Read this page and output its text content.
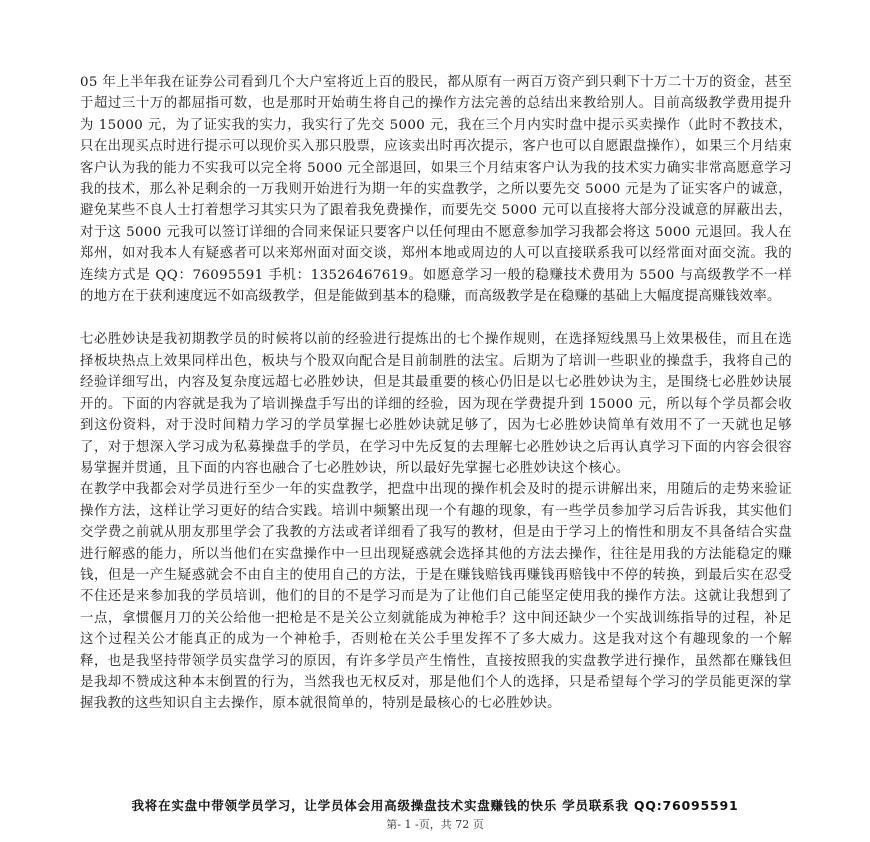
05 年上半年我在证券公司看到几个大户室将近上百的股民，都从原有一两百万资产到只剩下十万二十万的资金，甚至于超过三十万的都屈指可数，也是那时开始萌生将自己的操作方法完善的总结出来教给别人。目前高级教学费用提升为 15000 元，为了证实我的实力，我实行了先交 5000 元，我在三个月内实时盘中提示买卖操作（此时不教技术，只在出现买点时进行提示可以现价买入那只股票，应该卖出时再次提示，客户也可以自愿跟盘操作），如果三个月结束客户认为我的能力不实我可以完全将 5000 元全部退回，如果三个月结束客户认为我的技术实力确实非常高愿意学习我的技术，那么补足剩余的一万我则开始进行为期一年的实盘教学，之所以要先交 5000 元是为了证实客户的诚意，避免某些不良人士打着想学习其实只为了跟着我免费操作，而要先交 5000 元可以直接将大部分没诚意的屏蔽出去，对于这 5000 元我可以签订详细的合同来保证只要客户以任何理由不愿意参加学习我都会将这 5000 元退回。我人在郑州，如对我本人有疑惑者可以来郑州面对面交谈，郑州本地或周边的人可以直接联系我可以经常面对面交流。我的连续方式是 QQ：76095591 手机：13526467619。如愿意学习一般的稳赚技术费用为 5500 与高级教学不一样的地方在于获利速度远不如高级教学，但是能做到基本的稳赚，而高级教学是在稳赚的基础上大幅度提高赚钱效率。

七必胜妙诀是我初期教学员的时候将以前的经验进行提炼出的七个操作规则，在选择短线黑马上效果极佳，而且在选择板块热点上效果同样出色，板块与个股双向配合是目前制胜的法宝。后期为了培训一些职业的操盘手，我将自己的经验详细写出，内容及复杂度远超七必胜妙诀，但是其最重要的核心仍旧是以七必胜妙诀为主，是围绕七必胜妙诀展开的。下面的内容就是我为了培训操盘手写出的详细的经验，因为现在学费提升到 15000 元，所以每个学员都会收到这份资料，对于没时间精力学习的学员掌握七必胜妙诀就足够了，因为七必胜妙诀简单有效用不了一天就也足够了，对于想深入学习成为私募操盘手的学员，在学习中先反复的去理解七必胜妙诀之后再认真学习下面的内容会很容易掌握并贯通，且下面的内容也融合了七必胜妙诀，所以最好先掌握七必胜妙诀这个核心。

在教学中我都会对学员进行至少一年的实盘教学，把盘中出现的操作机会及时的提示讲解出来，用随后的走势来验证操作方法，这样让学习更好的结合实践。培训中频繁出现一个有趣的现象，有一些学员参加学习后告诉我，其实他们交学费之前就从朋友那里学会了我教的方法或者详细看了我写的教材，但是由于学习上的惰性和朋友不具备结合实盘进行解惑的能力，所以当他们在实盘操作中一旦出现疑惑就会选择其他的方法去操作，往往是用我的方法能稳定的赚钱，但是一产生疑惑就会不由自主的使用自己的方法，于是在赚钱赔钱再赚钱再赔钱中不停的转换，到最后实在忍受不住还是来参加我的学员培训，他们的目的不是学习而是为了让他们自己能坚定使用我的操作方法。这就让我想到了一点，拿惯偃月刀的关公给他一把枪是不是关公立刻就能成为神枪手？这中间还缺少一个实战训练指导的过程，补足这个过程关公才能真正的成为一个神枪手，否则枪在关公手里发挥不了多大威力。这是我对这个有趣现象的一个解释，也是我坚持带领学员实盘学习的原因，有许多学员产生惰性，直接按照我的实盘教学进行操作，虽然都在赚钱但是我却不赞成这种本末倒置的行为，当然我也无权反对，那是他们个人的选择，只是希望每个学习的学员能更深的掌握我教的这些知识自主去操作，原本就很简单的，特别是最核心的七必胜妙诀。

我将在实盘中带领学员学习，让学员体会用高级操盘技术实盘赚钱的快乐 学员联系我 QQ:76095591
第- 1 -页，共 72 页
